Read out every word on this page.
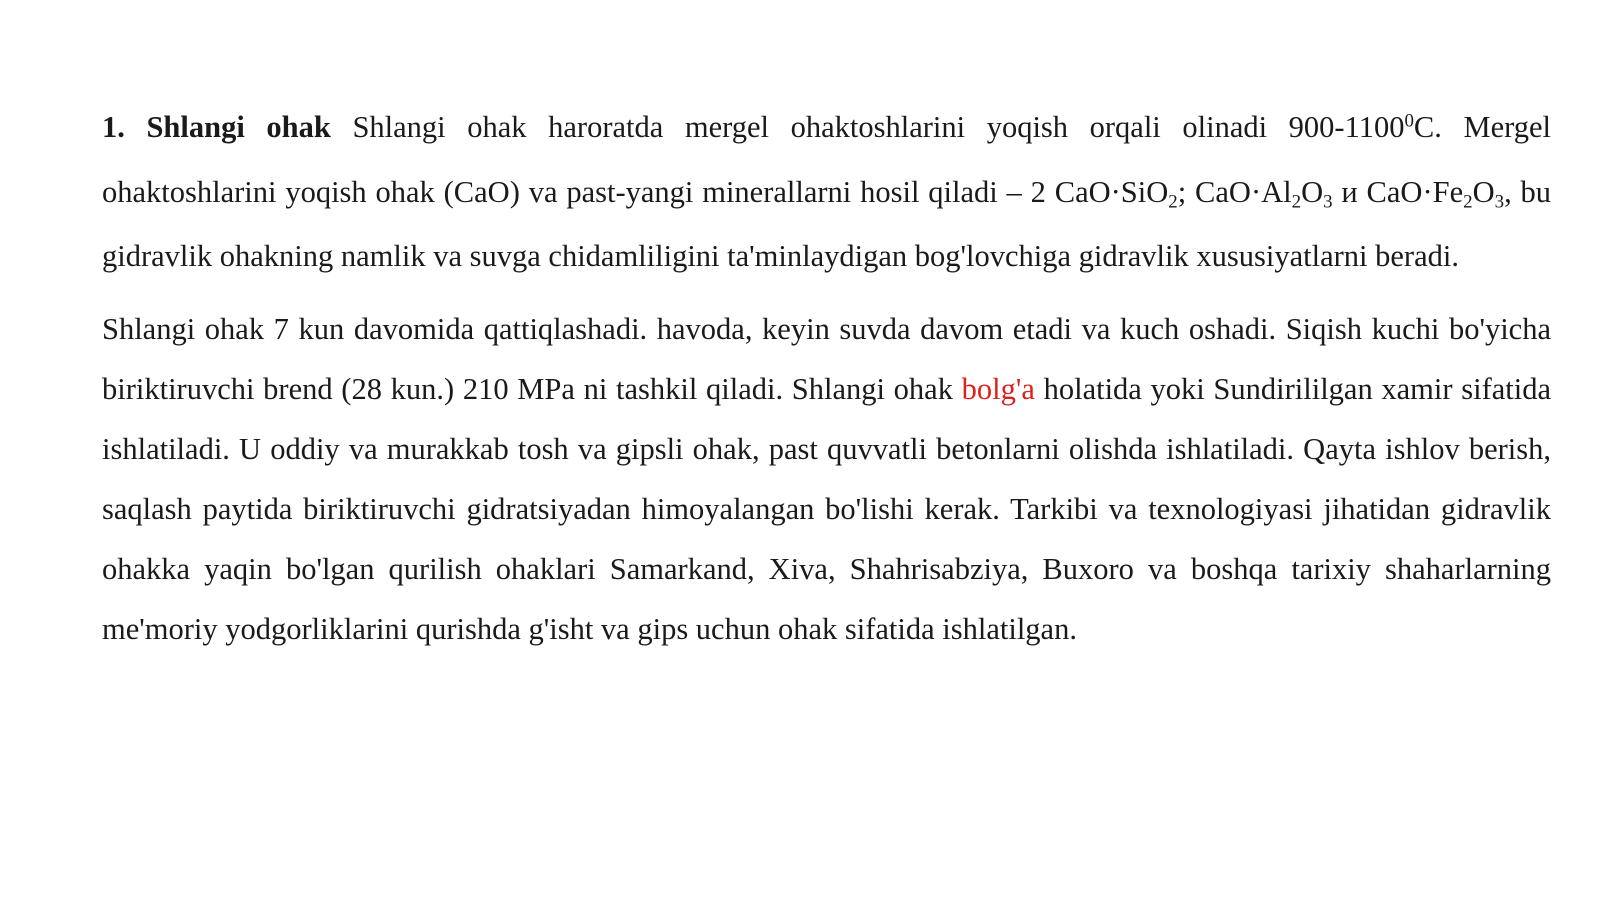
1. Shlangi ohak Shlangi ohak haroratda mergel ohaktoshlarini yoqish orqali olinadi 900-1100$^0$C. Mergel ohaktoshlarini yoqish ohak (CaO) va past-yangi minerallarni hosil qiladi – 2 CaO·SiO$_2$; $CaO\cdot Al_2O_3$ и $CaO\cdot Fe_2O_3$, bu gidravlik ohakning namlik va suvga chidamliligini ta'minlaydigan bog'lovchiga gidravlik xususiyatlarni beradi.

Shlangi ohak 7 kun davomida qattiqlashadi. havoda, keyin suvda davom etadi va kuch oshadi. Siqish kuchi bo'yicha biriktiruvchi brend (28 kun.) 210 MPa ni tashkil qiladi. Shlangi ohak bolg'a holatida yoki Sundirililgan xamir sifatida ishlatiladi. U oddiy va murakkab tosh va gipsli ohak, past quvvatli betonlarni olishda ishlatiladi. Qayta ishlov berish, saqlash paytida biriktiruvchi gidratsiyadan himoyalangan bo'lishi kerak. Tarkibi va texnologiyasi jihatidan gidravlik ohakka yaqin bo'lgan qurilish ohaklari Samarkand, Xiva, Shahrisabziya, Buxoro va boshqa tarixiy shaharlarning me'moriy yodgorliklarini qurishda g'isht va gips uchun ohak sifatida ishlatilgan.
